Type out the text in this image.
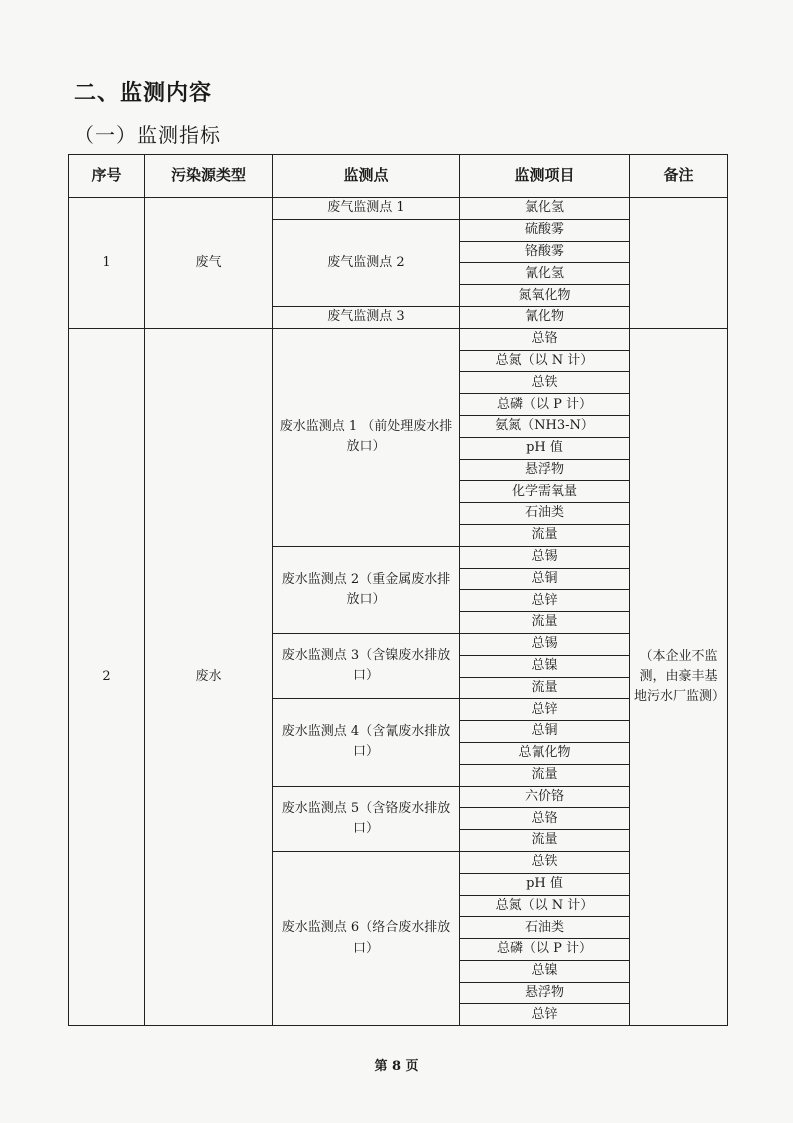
二、监测内容
（一）监测指标
序号	污染源类型	监测点	监测项目	备注
1	废气	废气监测点 1	氯化氢	
		废气监测点 2	硫酸雾	
			铬酸雾	
			氰化氢	
			氮氧化物	
		废气监测点 3	氰化物	
2	废水	废水监测点 1 （前处理废水排放口）	总铬	（本企业不监测，由豪丰基地污水厂监测）
			总氮（以 N 计）	
			总铁	
			总磷（以 P 计）	
			氨氮（NH3-N）	
			pH 值	
			悬浮物	
			化学需氧量	
			石油类	
			流量	
		废水监测点 2（重金属废水排放口）	总锡	
			总铜	
			总锌	
			流量	
		废水监测点 3（含镍废水排放口）	总锡	
			总镍	
			流量	
		废水监测点 4（含氰废水排放口）	总锌	
			总铜	
			总氰化物	
			流量	
		废水监测点 5（含铬废水排放口）	六价铬	
			总铬	
			流量	
		废水监测点 6（络合废水排放口）	总铁	
			pH 值	
			总氮（以 N 计）	
			石油类	
			总磷（以 P 计）	
			总镍	
			悬浮物	
			总锌	
第 8 页
